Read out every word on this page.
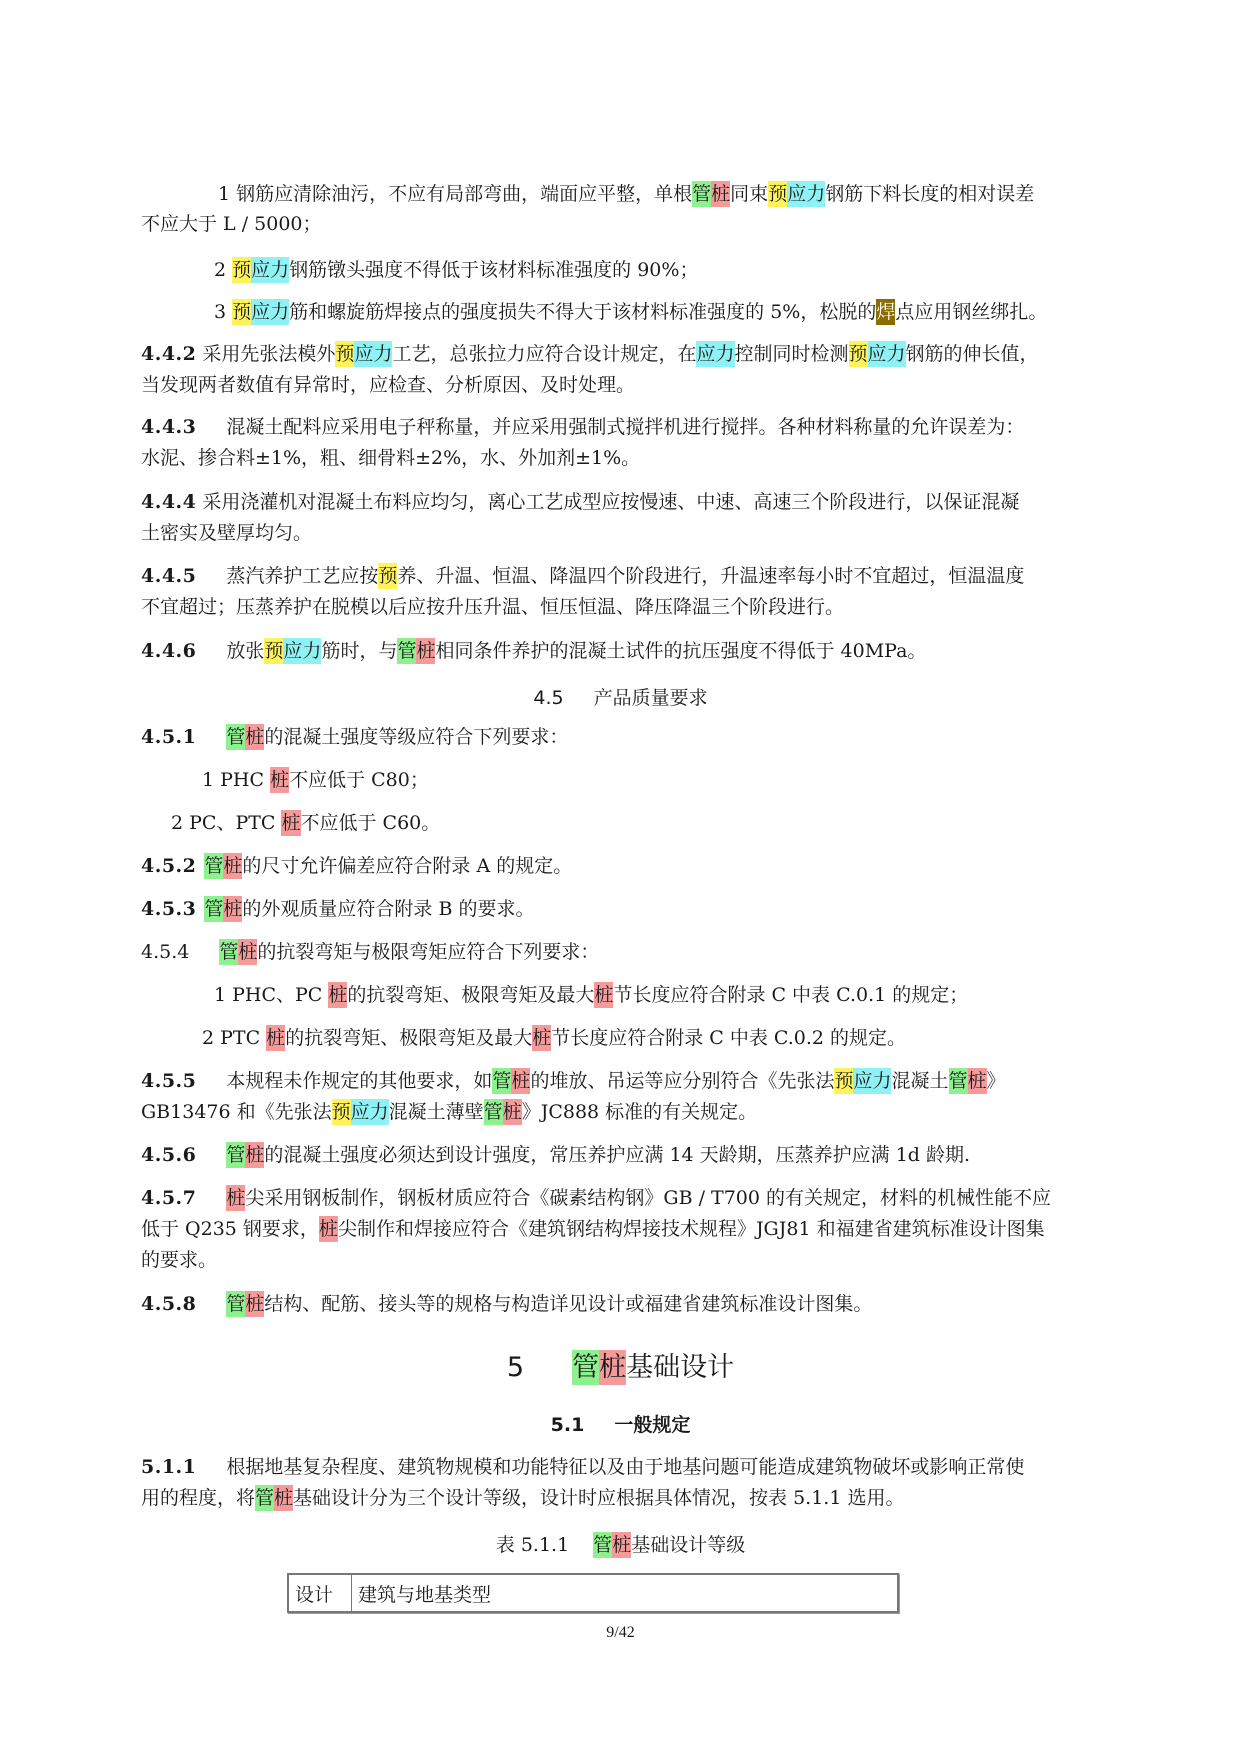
1 钢筋应清除油污，不应有局部弯曲，端面应平整，单根管桩同束预应力钢筋下料长度的相对误差
不应大于 L / 5000；
2 预应力钢筋镦头强度不得低于该材料标准强度的 90%；
3 预应力筋和螺旋筋焊接点的强度损失不得大于该材料标准强度的 5%，松脱的焊点应用钢丝绑扎。
4.4.2 采用先张法模外预应力工艺，总张拉力应符合设计规定，在应力控制同时检测预应力钢筋的伸长值，
当发现两者数值有异常时，应检查、分析原因、及时处理。
4.4.3 混凝土配料应采用电子秤称量，并应采用强制式搅拌机进行搅拌。各种材料称量的允许误差为：
水泥、掺合料±1%，粗、细骨料±2%，水、外加剂±1%。
4.4.4 采用浇灌机对混凝土布料应均匀，离心工艺成型应按慢速、中速、高速三个阶段进行，以保证混凝
土密实及壁厚均匀。
4.4.5 蒸汽养护工艺应按预养、升温、恒温、降温四个阶段进行，升温速率每小时不宜超过，恒温温度
不宜超过；压蒸养护在脱模以后应按升压升温、恒压恒温、降压降温三个阶段进行。
4.4.6 放张预应力筋时，与管桩相同条件养护的混凝土试件的抗压强度不得低于 40MPa。
4.5 产品质量要求
4.5.1 管桩的混凝土强度等级应符合下列要求：
1 PHC 桩不应低于 C80；
2 PC、PTC 桩不应低于 C60。
4.5.2 管桩的尺寸允许偏差应符合附录 A 的规定。
4.5.3 管桩的外观质量应符合附录 B 的要求。
4.5.4 管桩的抗裂弯矩与极限弯矩应符合下列要求：
1 PHC、PC 桩的抗裂弯矩、极限弯矩及最大桩节长度应符合附录 C 中表 C.0.1 的规定；
2 PTC 桩的抗裂弯矩、极限弯矩及最大桩节长度应符合附录 C 中表 C.0.2 的规定。
4.5.5 本规程未作规定的其他要求，如管桩的堆放、吊运等应分别符合《先张法预应力混凝土管桩》
GB13476 和《先张法预应力混凝土薄壁管桩》JC888 标准的有关规定。
4.5.6 管桩的混凝土强度必须达到设计强度，常压养护应满 14 天龄期，压蒸养护应满 1d 龄期.
4.5.7 桩尖采用钢板制作，钢板材质应符合《碳素结构钢》GB / T700 的有关规定，材料的机械性能不应
低于 Q235 钢要求，桩尖制作和焊接应符合《建筑钢结构焊接技术规程》JGJ81 和福建省建筑标准设计图集
的要求。
4.5.8 管桩结构、配筋、接头等的规格与构造详见设计或福建省建筑标准设计图集。
5 管桩基础设计
5.1 一般规定
5.1.1 根据地基复杂程度、建筑物规模和功能特征以及由于地基问题可能造成建筑物破坏或影响正常使
用的程度，将管桩基础设计分为三个设计等级，设计时应根据具体情况，按表 5.1.1 选用。
表 5.1.1 管桩基础设计等级
设计	建筑与地基类型
9/42
